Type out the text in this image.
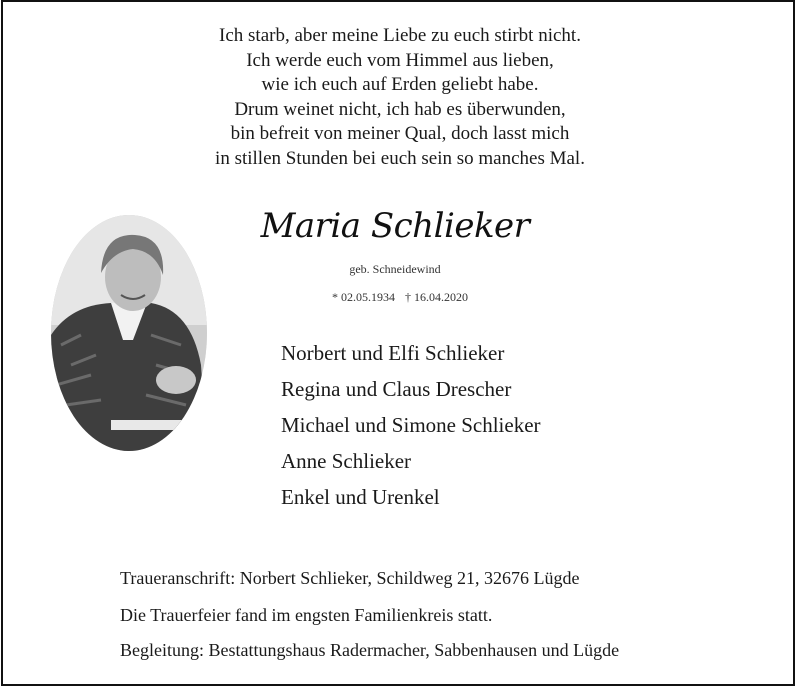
Ich starb, aber meine Liebe zu euch stirbt nicht.
Ich werde euch vom Himmel aus lieben,
wie ich euch auf Erden geliebt habe.
Drum weinet nicht, ich hab es überwunden,
bin befreit von meiner Qual, doch lasst mich
in stillen Stunden bei euch sein so manches Mal.
Maria Schlieker
geb. Schneidewind
* 02.05.1934 † 16.04.2020
Norbert und Elfi Schlieker
Regina und Claus Drescher
Michael und Simone Schlieker
Anne Schlieker
Enkel und Urenkel
Traueranschrift: Norbert Schlieker, Schildweg 21, 32676 Lügde
Die Trauerfeier fand im engsten Familienkreis statt.
Begleitung: Bestattungshaus Radermacher, Sabbenhausen und Lügde
